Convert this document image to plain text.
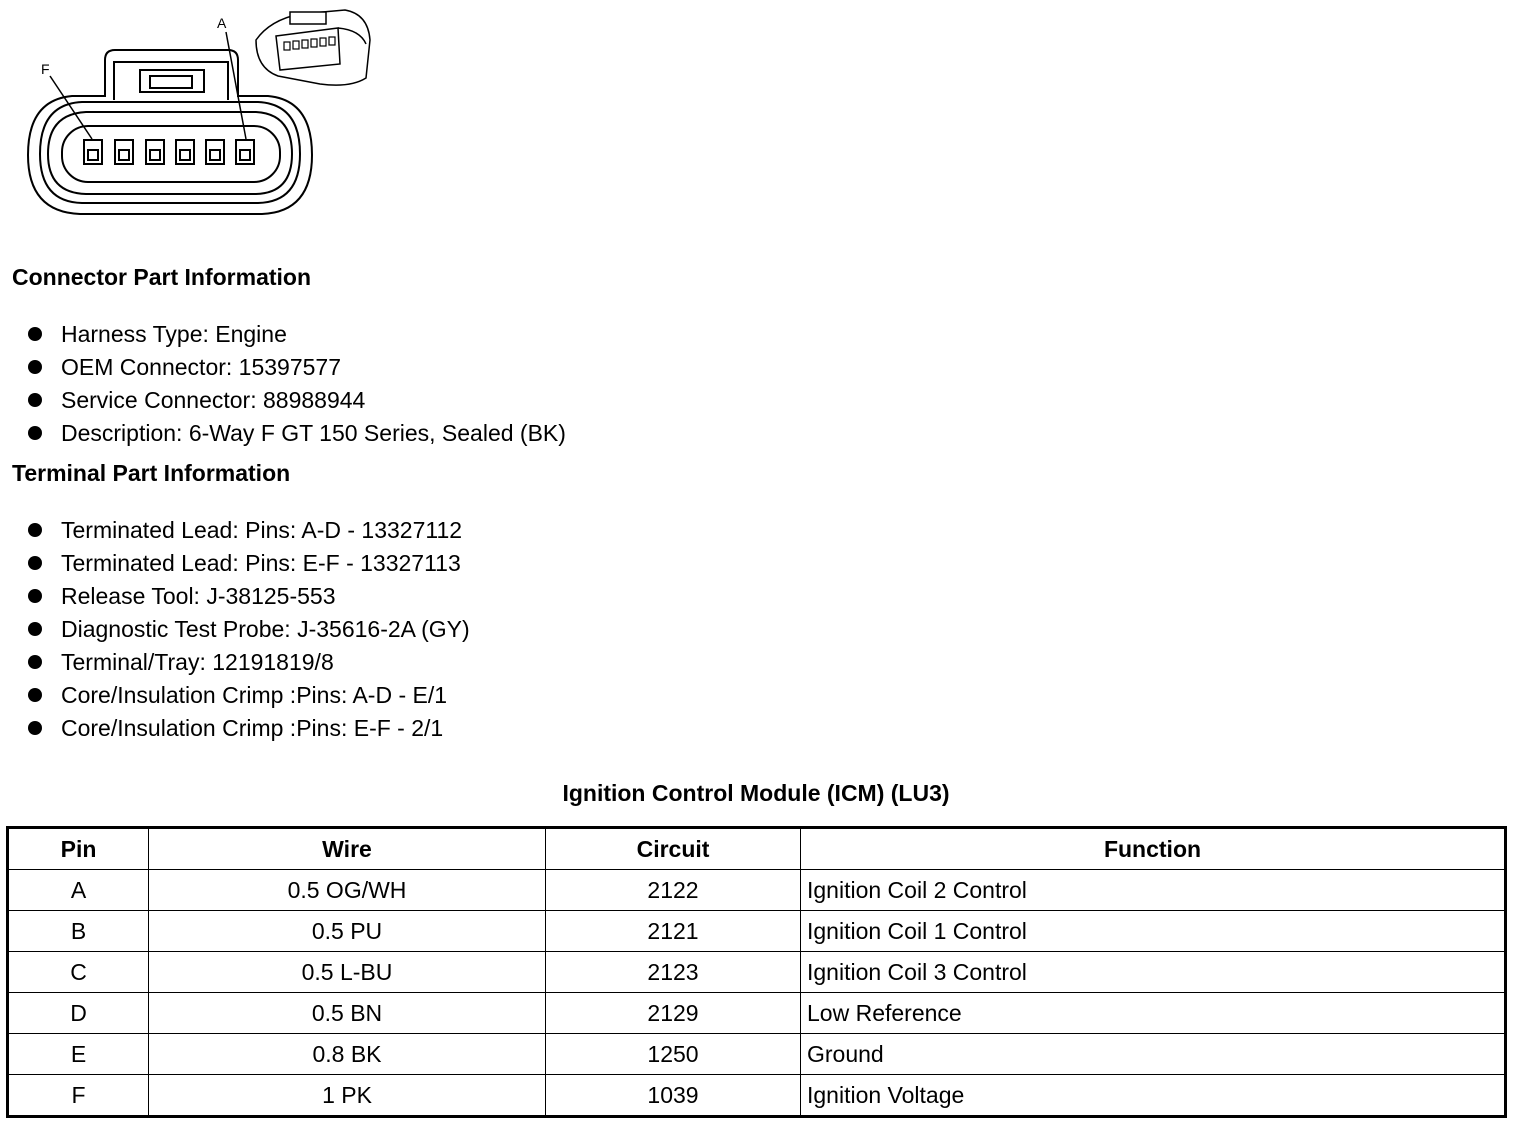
A
F
Connector Part Information
Harness Type: Engine
OEM Connector: 15397577
Service Connector: 88988944
Description: 6-Way F GT 150 Series, Sealed (BK)
Terminal Part Information
Terminated Lead: Pins: A-D - 13327112
Terminated Lead: Pins: E-F - 13327113
Release Tool: J-38125-553
Diagnostic Test Probe: J-35616-2A (GY)
Terminal/Tray: 12191819/8
Core/Insulation Crimp :Pins: A-D - E/1
Core/Insulation Crimp :Pins: E-F - 2/1
Ignition Control Module (ICM) (LU3)
Pin	Wire	Circuit	Function
A	0.5 OG/WH	2122	Ignition Coil 2 Control
B	0.5 PU	2121	Ignition Coil 1 Control
C	0.5 L-BU	2123	Ignition Coil 3 Control
D	0.5 BN	2129	Low Reference
E	0.8 BK	1250	Ground
F	1 PK	1039	Ignition Voltage
